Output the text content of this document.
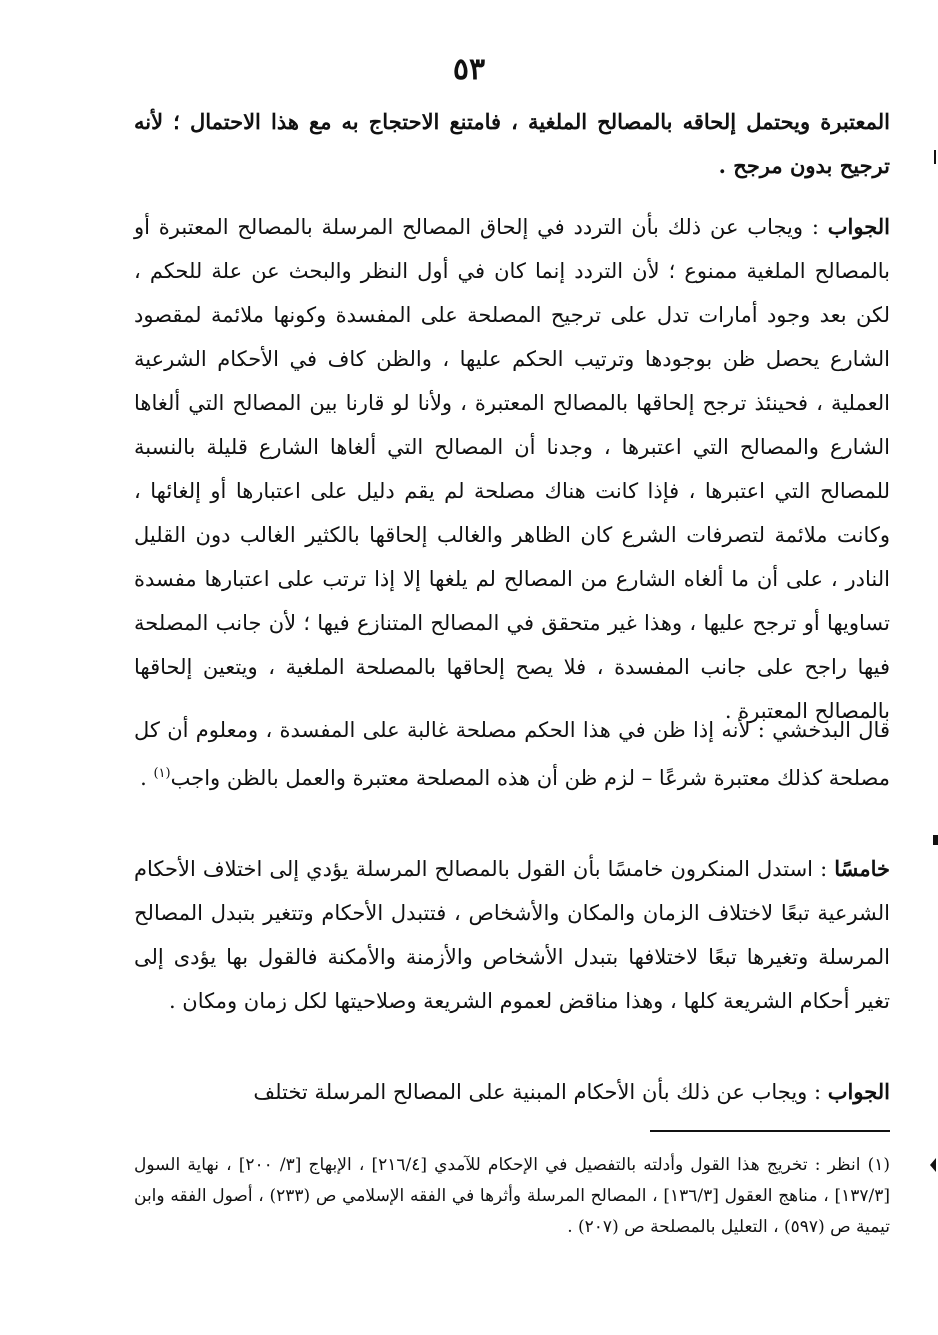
٥٣

المعتبرة ويحتمل إلحاقه بالمصالح الملغية ، فامتنع الاحتجاج به مع هذا الاحتمال ؛ لأنه ترجيح بدون مرجح .

الجواب : ويجاب عن ذلك بأن التردد في إلحاق المصالح المرسلة بالمصالح المعتبرة أو بالمصالح الملغية ممنوع ؛ لأن التردد إنما كان في أول النظر والبحث عن علة للحكم ، لكن بعد وجود أمارات تدل على ترجيح المصلحة على المفسدة وكونها ملائمة لمقصود الشارع يحصل ظن بوجودها وترتيب الحكم عليها ، والظن كاف في الأحكام الشرعية العملية ، فحينئذ ترجح إلحاقها بالمصالح المعتبرة ، ولأنا لو قارنا بين المصالح التي ألغاها الشارع والمصالح التي اعتبرها ، وجدنا أن المصالح التي ألغاها الشارع قليلة بالنسبة للمصالح التي اعتبرها ، فإذا كانت هناك مصلحة لم يقم دليل على اعتبارها أو إلغائها ، وكانت ملائمة لتصرفات الشرع كان الظاهر والغالب إلحاقها بالكثير الغالب دون القليل النادر ، على أن ما ألغاه الشارع من المصالح لم يلغها إلا إذا ترتب على اعتبارها مفسدة تساويها أو ترجح عليها ، وهذا غير متحقق في المصالح المتنازع فيها ؛ لأن جانب المصلحة فيها راجح على جانب المفسدة ، فلا يصح إلحاقها بالمصلحة الملغية ، ويتعين إلحاقها بالمصالح المعتبرة .

قال البدخشي : لأنه إذا ظن في هذا الحكم مصلحة غالبة على المفسدة ، ومعلوم أن كل مصلحة كذلك معتبرة شرعًا – لزم ظن أن هذه المصلحة معتبرة والعمل بالظن واجب$^{(١)}$ .

خامسًا : استدل المنكرون خامسًا بأن القول بالمصالح المرسلة يؤدي إلى اختلاف الأحكام الشرعية تبعًا لاختلاف الزمان والمكان والأشخاص ، فتتبدل الأحكام وتتغير بتبدل المصالح المرسلة وتغيرها تبعًا لاختلافها بتبدل الأشخاص والأزمنة والأمكنة فالقول بها يؤدى إلى تغير أحكام الشريعة كلها ، وهذا مناقض لعموم الشريعة وصلاحيتها لكل زمان ومكان .

الجواب : ويجاب عن ذلك بأن الأحكام المبنية على المصالح المرسلة تختلف

(١) انظر : تخريج هذا القول وأدلته بالتفصيل في الإحكام للآمدي [٢١٦/٤] ، الإبهاج [٣/ ٢٠٠] ، نهاية السول [١٣٧/٣] ، مناهج العقول [١٣٦/٣] ، المصالح المرسلة وأثرها في الفقه الإسلامي ص (٢٣٣) ، أصول الفقه وابن تيمية ص (٥٩٧) ، التعليل بالمصلحة ص (٢٠٧) .
